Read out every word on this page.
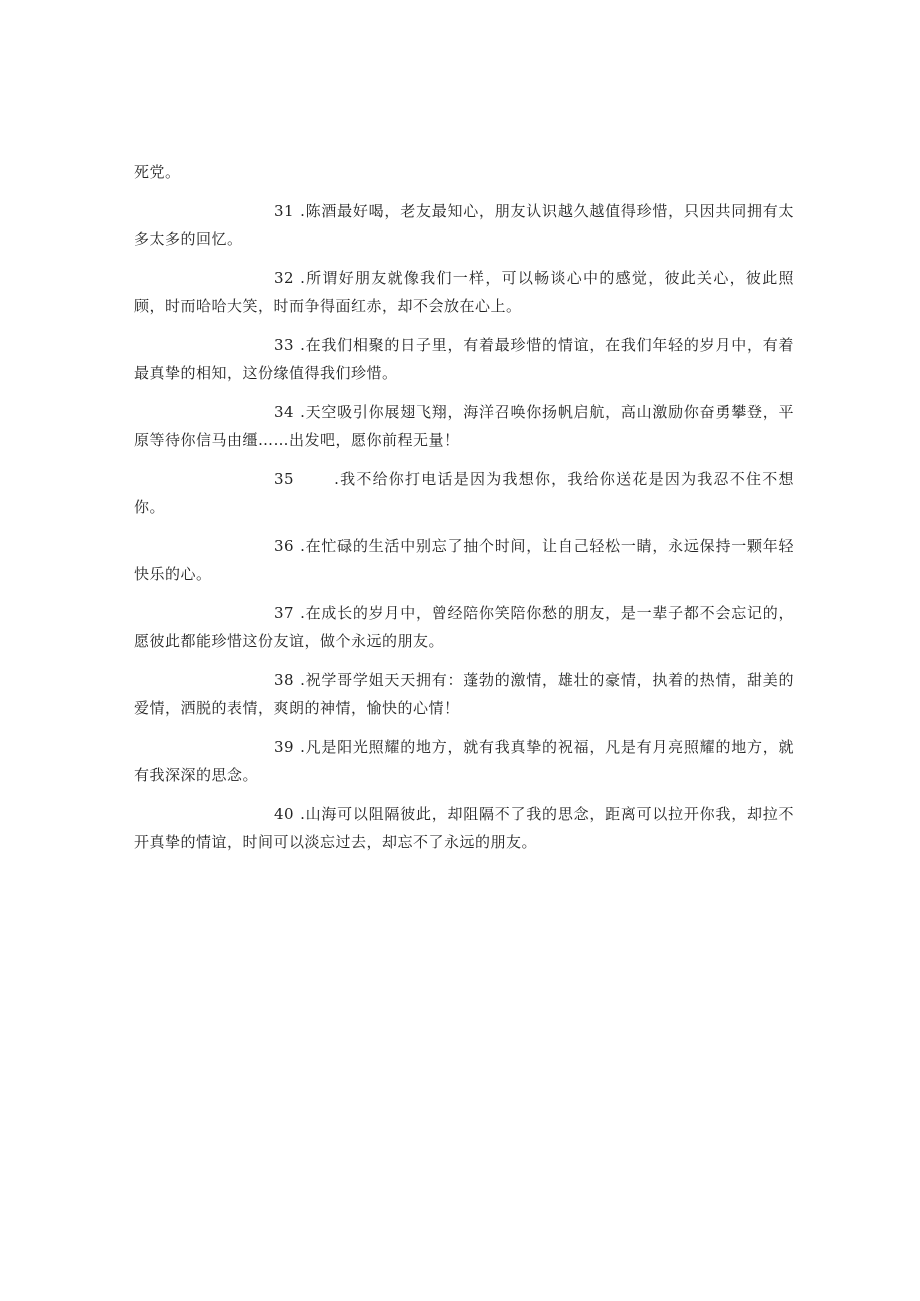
死党。

31 .陈酒最好喝，老友最知心，朋友认识越久越值得珍惜，只因共同拥有太多太多的回忆。

32 .所谓好朋友就像我们一样，可以畅谈心中的感觉，彼此关心，彼此照顾，时而哈哈大笑，时而争得面红赤，却不会放在心上。

33 .在我们相聚的日子里，有着最珍惜的情谊，在我们年轻的岁月中，有着最真挚的相知，这份缘值得我们珍惜。

34 .天空吸引你展翅飞翔，海洋召唤你扬帆启航，高山激励你奋勇攀登，平原等待你信马由缰……出发吧，愿你前程无量！

35	.我不给你打电话是因为我想你，我给你送花是因为我忍不住不想你。

36 .在忙碌的生活中别忘了抽个时间，让自己轻松一睛，永远保持一颗年轻快乐的心。

37 .在成长的岁月中，曾经陪你笑陪你愁的朋友，是一辈子都不会忘记的，愿彼此都能珍惜这份友谊，做个永远的朋友。

38 .祝学哥学姐天天拥有：蓬勃的激情，雄壮的豪情，执着的热情，甜美的爱情，洒脱的表情，爽朗的神情，愉快的心情！

39 .凡是阳光照耀的地方，就有我真挚的祝福，凡是有月亮照耀的地方，就有我深深的思念。

40 .山海可以阻隔彼此，却阻隔不了我的思念，距离可以拉开你我，却拉不开真挚的情谊，时间可以淡忘过去，却忘不了永远的朋友。
